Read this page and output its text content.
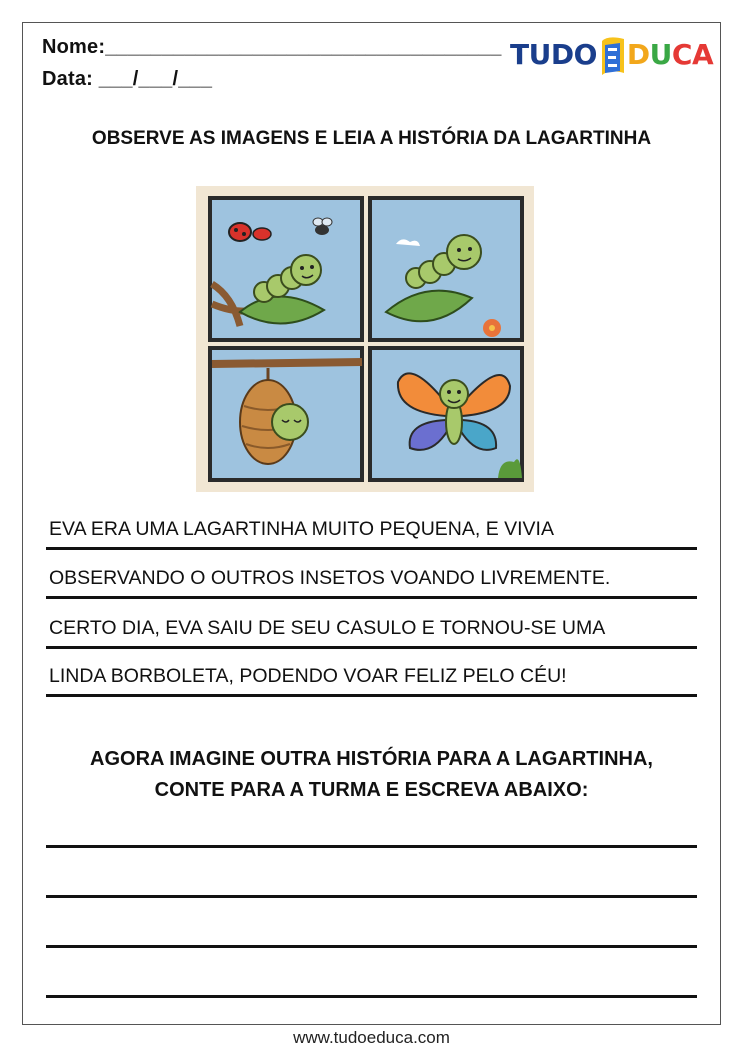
Nome:___________________________________
Data: ___/___/___
TUDO D U C A
OBSERVE AS IMAGENS E LEIA A HISTÓRIA DA LAGARTINHA
EVA ERA UMA LAGARTINHA MUITO PEQUENA, E VIVIA
OBSERVANDO O OUTROS INSETOS VOANDO LIVREMENTE.
CERTO DIA, EVA SAIU DE SEU CASULO E TORNOU-SE UMA
LINDA BORBOLETA, PODENDO VOAR FELIZ PELO CÉU!
AGORA IMAGINE OUTRA HISTÓRIA PARA A LAGARTINHA,
CONTE PARA A TURMA E ESCREVA ABAIXO:
www.tudoeduca.com
